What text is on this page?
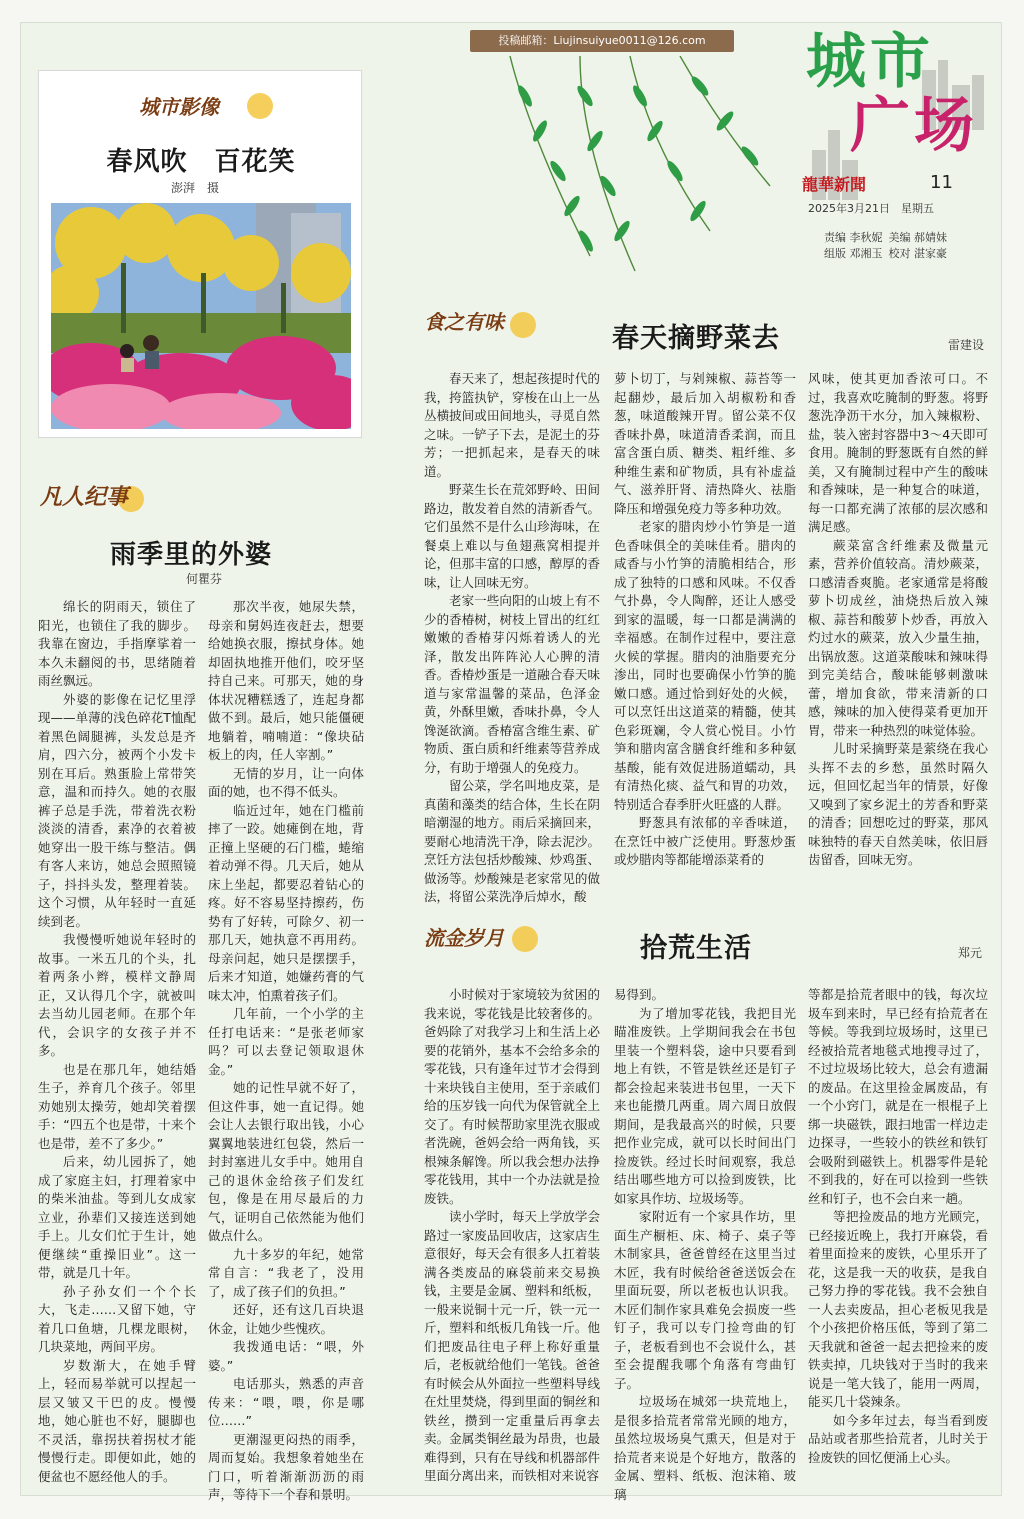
投稿邮箱：Liujinsuiyue0011@126.com	城市
广场
龍華新聞	11
2025年3月21日　星期五
责编 李秋妮 美编 郝婧妹
组版 邓湘玉 校对 湛家豪
城市影像
春风吹　百花笑
澎湃　摄
凡人纪事
雨季里的外婆
何瞿芬

绵长的阴雨天，锁住了阳光，也锁住了我的脚步。我靠在窗边，手指摩挲着一本久未翻阅的书，思绪随着雨丝飘远。

外婆的影像在记忆里浮现——单薄的浅色碎花T恤配着黑色阔腿裤，头发总是齐肩，四六分，被两个小发卡别在耳后。熟蛋脸上常带笑意，温和而持久。她的衣服裤子总是手洗，带着洗衣粉淡淡的清香，素净的衣着被她穿出一股干练与整洁。偶有客人来访，她总会照照镜子，抖抖头发，整理着装。这个习惯，从年轻时一直延续到老。

我慢慢听她说年轻时的故事。一米五几的个头，扎着两条小辫，模样文静周正，又认得几个字，就被叫去当幼儿园老师。在那个年代，会识字的女孩子并不多。

也是在那几年，她结婚生子，养育几个孩子。邻里劝她别太操劳，她却笑着摆手：“四五个也是带，十来个也是带，差不了多少。”

后来，幼儿园拆了，她成了家庭主妇，打理着家中的柴米油盐。等到儿女成家立业，孙辈们又接连送到她手上。儿女们忙于生计，她便继续“重操旧业”。这一带，就是几十年。

孙子孙女们一个个长大，飞走……又留下她，守着几口鱼塘，几棵龙眼树，几块菜地，两间平房。

岁数渐大，在她手臂上，轻而易举就可以捏起一层又皱又干巴的皮。慢慢地，她心脏也不好，腿脚也不灵活，靠拐扶着拐杖才能慢慢行走。即便如此，她的便盆也不愿经他人的手。

那次半夜，她尿失禁，母亲和舅妈连夜赶去，想要给她换衣服，擦拭身体。她却固执地推开他们，咬牙坚持自己来。可那天，她的身体状况糟糕透了，连起身都做不到。最后，她只能僵硬地躺着，喃喃道：“像块砧板上的肉，任人宰割。”

无情的岁月，让一向体面的她，也不得不低头。

临近过年，她在门槛前摔了一跤。她瘫倒在地，背正撞上坚硬的石门槛，蜷缩着动弹不得。几天后，她从床上坐起，都要忍着钻心的疼。好不容易坚持擦药，伤势有了好转，可除夕、初一那几天，她执意不再用药。母亲问起，她只是摆摆手，后来才知道，她嫌药膏的气味太冲，怕熏着孩子们。

几年前，一个小学的主任打电话来：“是张老师家吗？可以去登记领取退休金。”

她的记性早就不好了，但这件事，她一直记得。她会让人去银行取出钱，小心翼翼地装进红包袋，然后一封封塞进儿女手中。她用自己的退休金给孩子们发红包，像是在用尽最后的力气，证明自己依然能为他们做点什么。

九十多岁的年纪，她常常自言：“我老了，没用了，成了孩子们的负担。”

还好，还有这几百块退休金，让她少些愧疚。

我拨通电话：“喂，外婆。”

电话那头，熟悉的声音传来：“喂，喂，你是哪位……”

更潮湿更闷热的雨季，周而复始。我想象着她坐在门口，听着渐渐沥沥的雨声，等待下一个春和景明。

食之有味
春天摘野菜去	雷建设

春天来了，想起孩提时代的我，挎篮执铲，穿梭在山上一丛丛横披间或田间地头，寻觅自然之味。一铲子下去，是泥土的芬芳；一把抓起来，是春天的味道。

野菜生长在荒郊野岭、田间路边，散发着自然的清新香气。它们虽然不是什么山珍海味，在餐桌上难以与鱼翅燕窝相提并论，但那丰富的口感，醇厚的香味，让人回味无穷。

老家一些向阳的山坡上有不少的香椿树，树枝上冒出的红红嫩嫩的香椿芽闪烁着诱人的光泽，散发出阵阵沁人心脾的清香。香椿炒蛋是一道融合春天味道与家常温馨的菜品，色泽金黄，外酥里嫩，香味扑鼻，令人馋涎欲滴。香椿富含维生素、矿物质、蛋白质和纤维素等营养成分，有助于增强人的免疫力。

留公菜，学名叫地皮菜，是真菌和藻类的结合体，生长在阴暗潮湿的地方。雨后采摘回来，要耐心地清洗干净，除去泥沙。烹饪方法包括炒酸辣、炒鸡蛋、做汤等。炒酸辣是老家常见的做法，将留公菜洗净后焯水，酸

萝卜切丁，与剁辣椒、蒜苔等一起翻炒，最后加入胡椒粉和香葱，味道酸辣开胃。留公菜不仅香味扑鼻，味道清香柔润，而且富含蛋白质、糖类、粗纤维、多种维生素和矿物质，具有补虚益气、滋养肝肾、清热降火、祛脂降压和增强免疫力等多种功效。

老家的腊肉炒小竹笋是一道色香味俱全的美味佳肴。腊肉的咸香与小竹笋的清脆相结合，形成了独特的口感和风味。不仅香气扑鼻，令人陶醉，还让人感受到家的温暖，每一口都是满满的幸福感。在制作过程中，要注意火候的掌握。腊肉的油脂要充分渗出，同时也要确保小竹笋的脆嫩口感。通过恰到好处的火候，可以烹饪出这道菜的精髓，使其色彩斑斓，令人赏心悦目。小竹笋和腊肉富含膳食纤维和多种氨基酸，能有效促进肠道蠕动，具有清热化痰、益气和胃的功效，特别适合春季肝火旺盛的人群。

野葱具有浓郁的辛香味道，在烹饪中被广泛使用。野葱炒蛋或炒腊肉等都能增添菜肴的

风味，使其更加香浓可口。不过，我喜欢吃腌制的野葱。将野葱洗净沥干水分，加入辣椒粉、盐，装入密封容器中3～4天即可食用。腌制的野葱既有自然的鲜美，又有腌制过程中产生的酸味和香辣味，是一种复合的味道，每一口都充满了浓郁的层次感和满足感。

蕨菜富含纤维素及微量元素，营养价值较高。清炒蕨菜，口感清香爽脆。老家通常是将酸萝卜切成丝，油烧热后放入辣椒、蒜苔和酸萝卜炒香，再放入灼过水的蕨菜，放入少量生抽，出锅放葱。这道菜酸味和辣味得到完美结合，酸味能够刺激味蕾，增加食欲，带来清新的口感，辣味的加入使得菜肴更加开胃，带来一种热烈的味觉体验。

儿时采摘野菜是萦绕在我心头挥不去的乡愁，虽然时隔久远，但回忆起当年的情景，好像又嗅到了家乡泥土的芳香和野菜的清香；回想吃过的野菜，那风味独特的春天自然美味，依旧唇齿留香，回味无穷。

流金岁月	拾荒生活	郑元

小时候对于家境较为贫困的我来说，零花钱是比较奢侈的。爸妈除了对我学习上和生活上必要的花销外，基本不会给多余的零花钱，只有逢年过节才会得到十来块钱自主使用，至于亲戚们给的压岁钱一向代为保管就全上交了。有时候帮助家里洗衣服或者洗碗，爸妈会给一两角钱，买根辣条解馋。所以我会想办法挣零花钱用，其中一个办法就是捡废铁。

读小学时，每天上学放学会路过一家废品回收店，这家店生意很好，每天会有很多人扛着装满各类废品的麻袋前来交易换钱，主要是金属、塑料和纸板，一般来说铜十元一斤，铁一元一斤，塑料和纸板几角钱一斤。他们把废品往电子秤上称好重量后，老板就给他们一笔钱。爸爸有时候会从外面拉一些塑料导线在灶里焚烧，得到里面的铜丝和铁丝，攒到一定重量后再拿去卖。金属类铜丝最为昂贵，也最难得到，只有在导线和机器部件里面分离出来，而铁相对来说容

易得到。

为了增加零花钱，我把目光瞄准废铁。上学期间我会在书包里装一个塑料袋，途中只要看到地上有铁，不管是铁丝还是钉子都会捡起来装进书包里，一天下来也能攒几两重。周六周日放假期间，是我最高兴的时候，只要把作业完成，就可以长时间出门捡废铁。经过长时间观察，我总结出哪些地方可以捡到废铁，比如家具作坊、垃圾场等。

家附近有一个家具作坊，里面生产橱柜、床、椅子、桌子等木制家具，爸爸曾经在这里当过木匠，我有时候给爸爸送饭会在里面玩耍，所以老板也认识我。木匠们制作家具难免会损废一些钉子，我可以专门捡弯曲的钉子，老板看到也不会说什么，甚至会提醒我哪个角落有弯曲钉子。

垃圾场在城郊一块荒地上，是很多拾荒者常常光顾的地方，虽然垃圾场臭气熏天，但是对于拾荒者来说是个好地方，散落的金属、塑料、纸板、泡沫箱、玻璃

等都是拾荒者眼中的钱，每次垃圾车到来时，早已经有拾荒者在等候。等我到垃圾场时，这里已经被拾荒者地毯式地搜寻过了，不过垃圾场比较大，总会有遗漏的废品。在这里捡金属废品，有一个小窍门，就是在一根棍子上绑一块磁铁，跟扫地雷一样边走边探寻，一些较小的铁丝和铁钉会吸附到磁铁上。机器零件是轮不到我的，好在可以捡到一些铁丝和钉子，也不会白来一趟。

等把捡废品的地方光顾完，已经接近晚上，我打开麻袋，看着里面捡来的废铁，心里乐开了花，这是我一天的收获，是我自己努力挣的零花钱。我不会独自一人去卖废品，担心老板见我是个小孩把价格压低，等到了第二天我就和爸爸一起去把捡来的废铁卖掉，几块钱对于当时的我来说是一笔大钱了，能用一两周，能买几十袋辣条。

如今多年过去，每当看到废品站或者那些拾荒者，儿时关于捡废铁的回忆便涌上心头。
